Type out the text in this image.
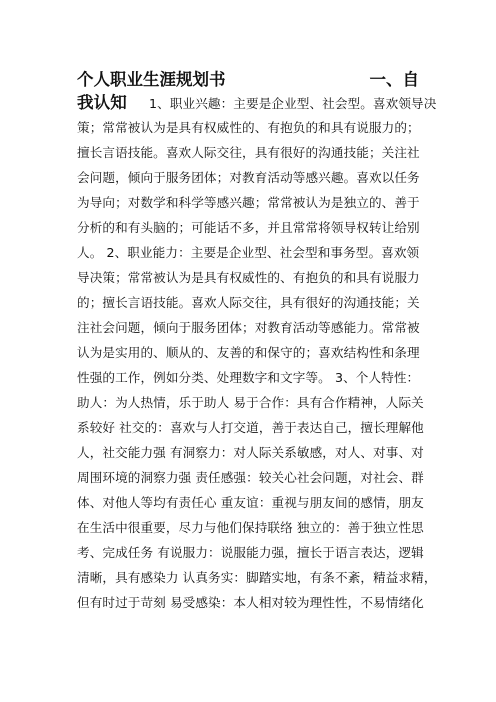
个人职业生涯规划书	一、自
我认知 1、职业兴趣：主要是企业型、社会型。喜欢领导决
策；常常被认为是具有权威性的、有抱负的和具有说服力的；
擅长言语技能。喜欢人际交往，具有很好的沟通技能；关注社
会问题，倾向于服务团体；对教育活动等感兴趣。喜欢以任务
为导向；对数学和科学等感兴趣；常常被认为是独立的、善于
分析的和有头脑的；可能话不多，并且常常将领导权转让给别
人。 2、职业能力：主要是企业型、社会型和事务型。喜欢领
导决策；常常被认为是具有权威性的、有抱负的和具有说服力
的；擅长言语技能。喜欢人际交往，具有很好的沟通技能；关
注社会问题，倾向于服务团体；对教育活动等感能力。常常被
认为是实用的、顺从的、友善的和保守的；喜欢结构性和条理
性强的工作，例如分类、处理数字和文字等。 3、个人特性：
助人：为人热情，乐于助人 易于合作：具有合作精神，人际关
系较好 社交的：喜欢与人打交道，善于表达自己，擅长理解他
人，社交能力强 有洞察力：对人际关系敏感，对人、对事、对
周围环境的洞察力强 责任感强：较关心社会问题，对社会、群
体、对他人等均有责任心 重友谊：重视与朋友间的感情，朋友
在生活中很重要，尽力与他们保持联络 独立的：善于独立性思
考、完成任务 有说服力：说服能力强，擅长于语言表达，逻辑
清晰，具有感染力 认真务实：脚踏实地，有条不紊，精益求精，
但有时过于苛刻 易受感染：本人相对较为理性性，不易情绪化
